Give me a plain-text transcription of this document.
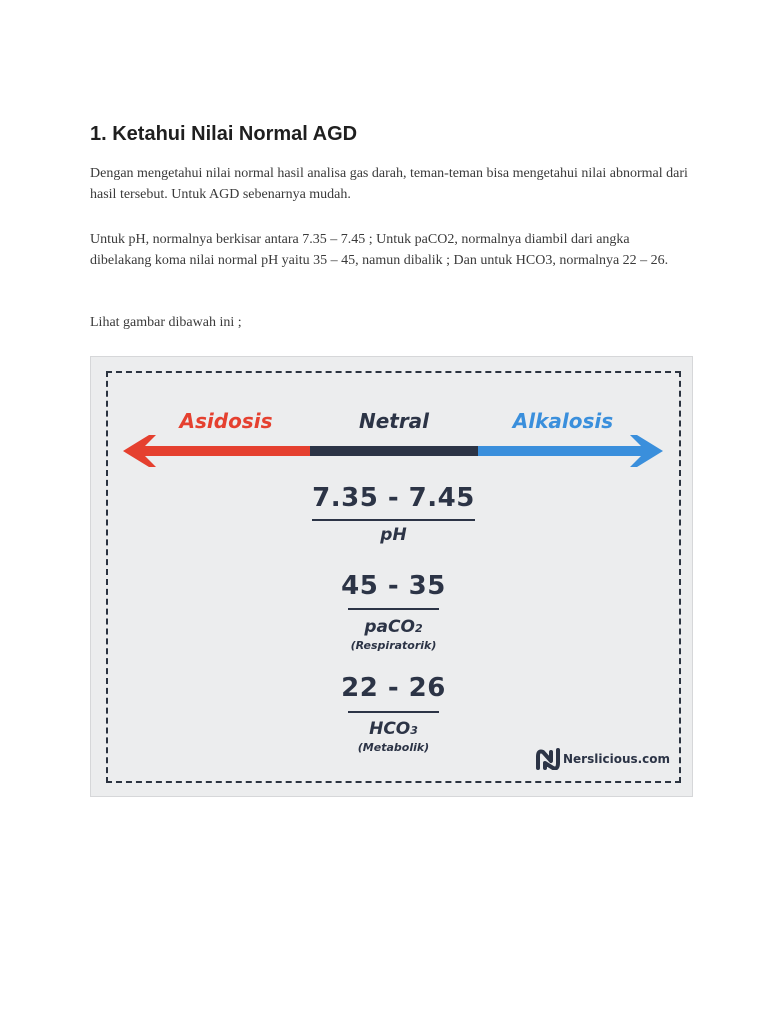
1. Ketahui Nilai Normal AGD

Dengan mengetahui nilai normal hasil analisa gas darah, teman-teman bisa mengetahui nilai abnormal dari hasil tersebut. Untuk AGD sebenarnya mudah.

Untuk pH, normalnya berkisar antara 7.35 – 7.45 ; Untuk paCO2, normalnya diambil dari angka dibelakang koma nilai normal pH yaitu 35 – 45, namun dibalik ; Dan untuk HCO3, normalnya 22 – 26.

Lihat gambar dibawah ini ;

Asidosis	Netral	Alkalosis
7.35 - 7.45
pH
45 - 35
paCO2
(Respiratorik)
22 - 26
HCO3
(Metabolik)
Nerslicious.com
